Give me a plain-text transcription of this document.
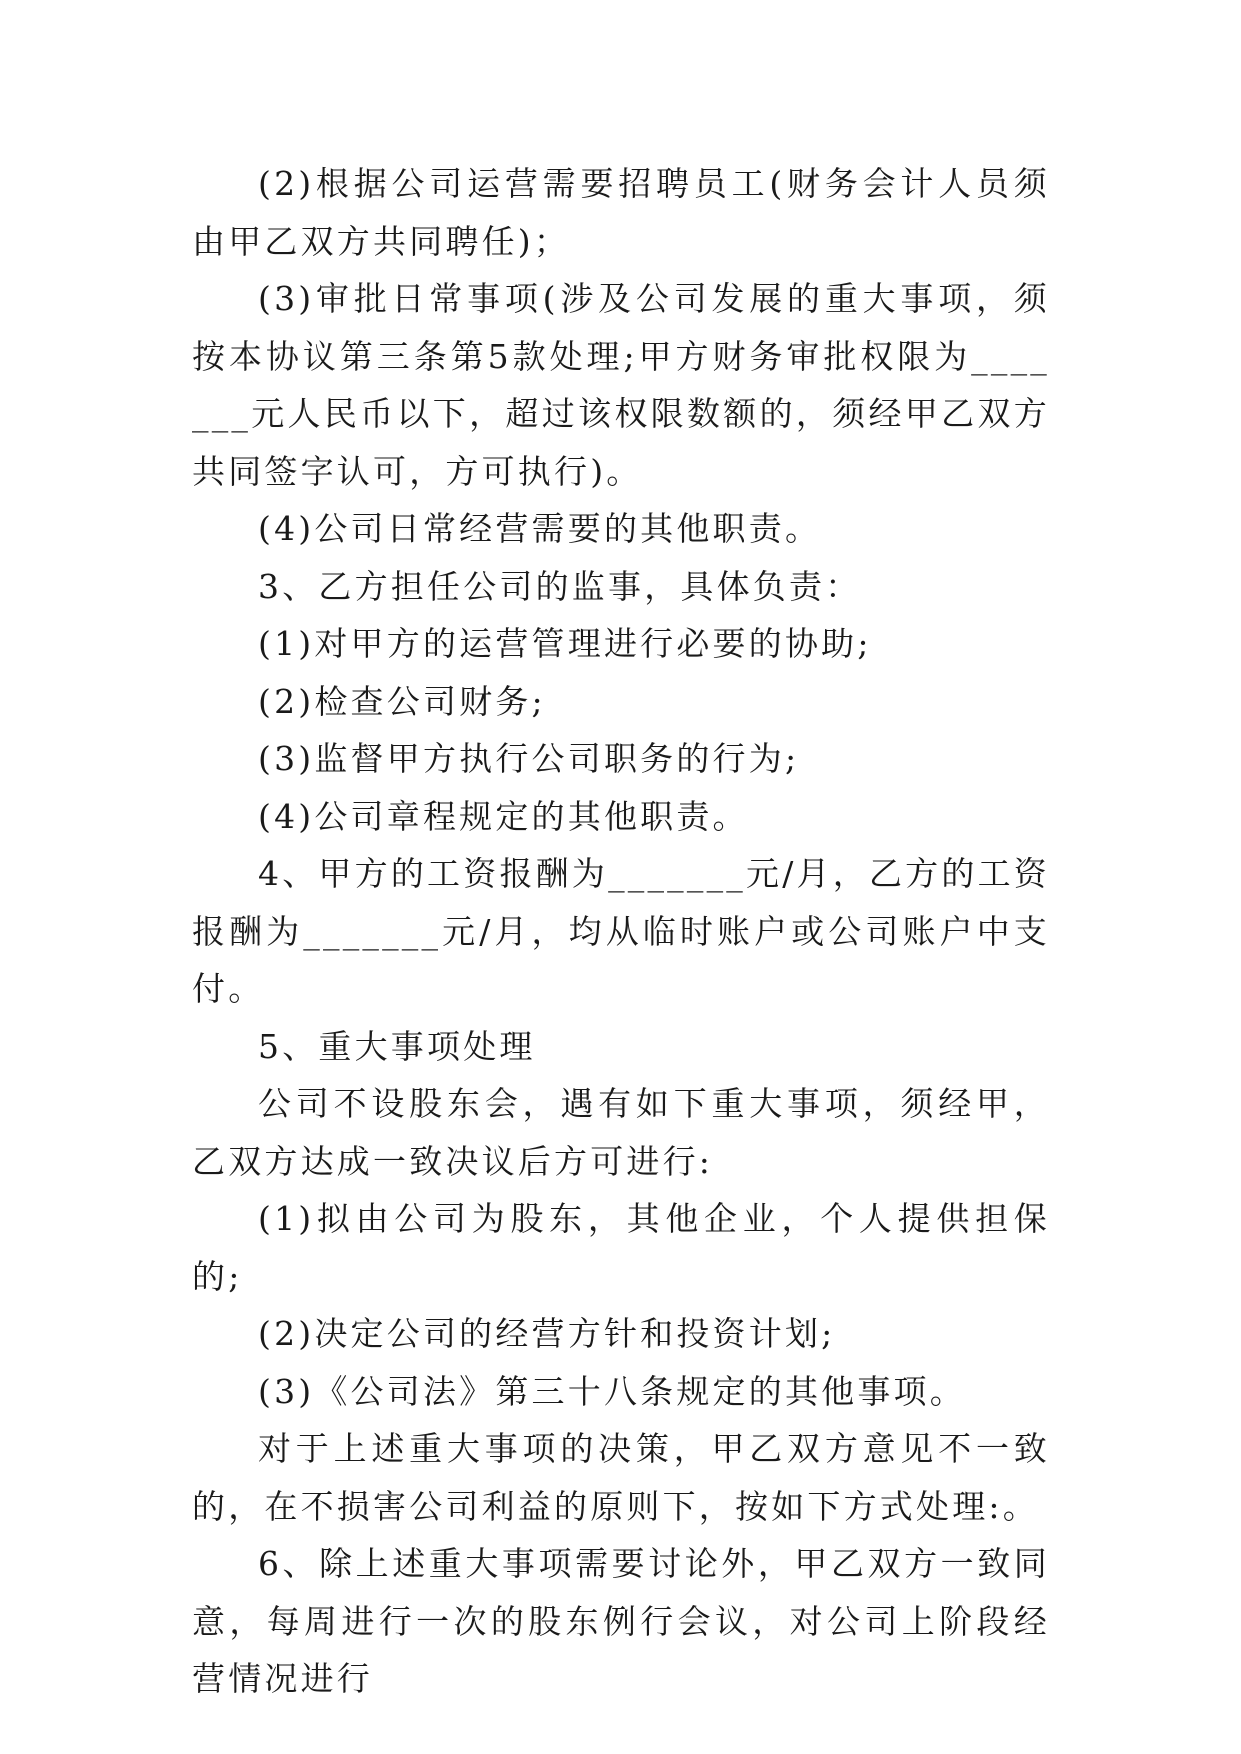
(2)根据公司运营需要招聘员工(财务会计人员须由甲乙双方共同聘任)；

(3)审批日常事项(涉及公司发展的重大事项，须按本协议第三条第5款处理;甲方财务审批权限为_______元人民币以下，超过该权限数额的，须经甲乙双方共同签字认可，方可执行)。

(4)公司日常经营需要的其他职责。

3、乙方担任公司的监事，具体负责：

(1)对甲方的运营管理进行必要的协助;

(2)检查公司财务;

(3)监督甲方执行公司职务的行为;

(4)公司章程规定的其他职责。

4、甲方的工资报酬为_______元/月，乙方的工资报酬为_______元/月，均从临时账户或公司账户中支付。

5、重大事项处理

公司不设股东会，遇有如下重大事项，须经甲，乙双方达成一致决议后方可进行:

(1)拟由公司为股东，其他企业，个人提供担保的;

(2)决定公司的经营方针和投资计划;

(3)《公司法》第三十八条规定的其他事项。

对于上述重大事项的决策，甲乙双方意见不一致的，在不损害公司利益的原则下，按如下方式处理:。

6、除上述重大事项需要讨论外，甲乙双方一致同意，每周进行一次的股东例行会议，对公司上阶段经营情况进行
